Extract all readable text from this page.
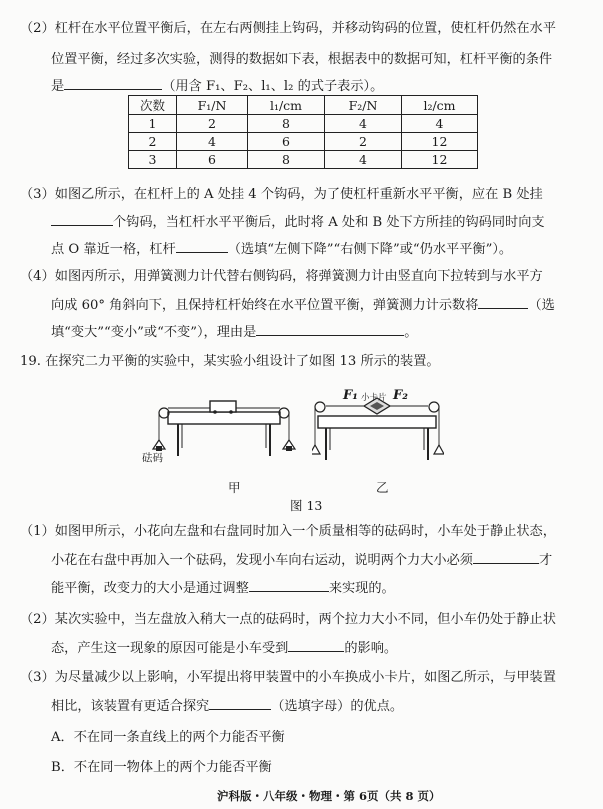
（2）杠杆在水平位置平衡后，在左右两侧挂上钩码，并移动钩码的位置，使杠杆仍然在水平
位置平衡，经过多次实验，测得的数据如下表，根据表中的数据可知，杠杆平衡的条件
是	（用含 F₁、F₂、l₁、l₂ 的式子表示）。
次数	F₁/N	l₁/cm	F₂/N	l₂/cm
1	2	8	4	4
2	4	6	2	12
3	6	8	4	12
（3）如图乙所示，在杠杆上的 A 处挂 4 个钩码，为了使杠杆重新水平平衡，应在 B 处挂
个钩码，当杠杆水平平衡后，此时将 A 处和 B 处下方所挂的钩码同时向支
点 O 靠近一格，杠杆	（选填“左侧下降”“右侧下降”或“仍水平平衡”）。
（4）如图丙所示，用弹簧测力计代替右侧钩码，将弹簧测力计由竖直向下拉转到与水平方
向成 60° 角斜向下，且保持杠杆始终在水平位置平衡，弹簧测力计示数将	（选
填“变大”“变小”或“不变”），理由是	。
19. 在探究二力平衡的实验中，某实验小组设计了如图 13 所示的装置。
砝码
F₁ 小卡片 F₂
甲	乙
图 13
（1）如图甲所示，小花向左盘和右盘同时加入一个质量相等的砝码时，小车处于静止状态，
小花在右盘中再加入一个砝码，发现小车向右运动，说明两个力大小必须	才
能平衡，改变力的大小是通过调整	来实现的。
（2）某次实验中，当左盘放入稍大一点的砝码时，两个拉力大小不同，但小车仍处于静止状
态，产生这一现象的原因可能是小车受到	的影响。
（3）为尽量减少以上影响，小军提出将甲装置中的小车换成小卡片，如图乙所示，与甲装置
相比，该装置有更适合探究	（选填字母）的优点。
A．不在同一条直线上的两个力能否平衡
B．不在同一物体上的两个力能否平衡
沪科版・八年级・物理・第 6页（共 8 页）
